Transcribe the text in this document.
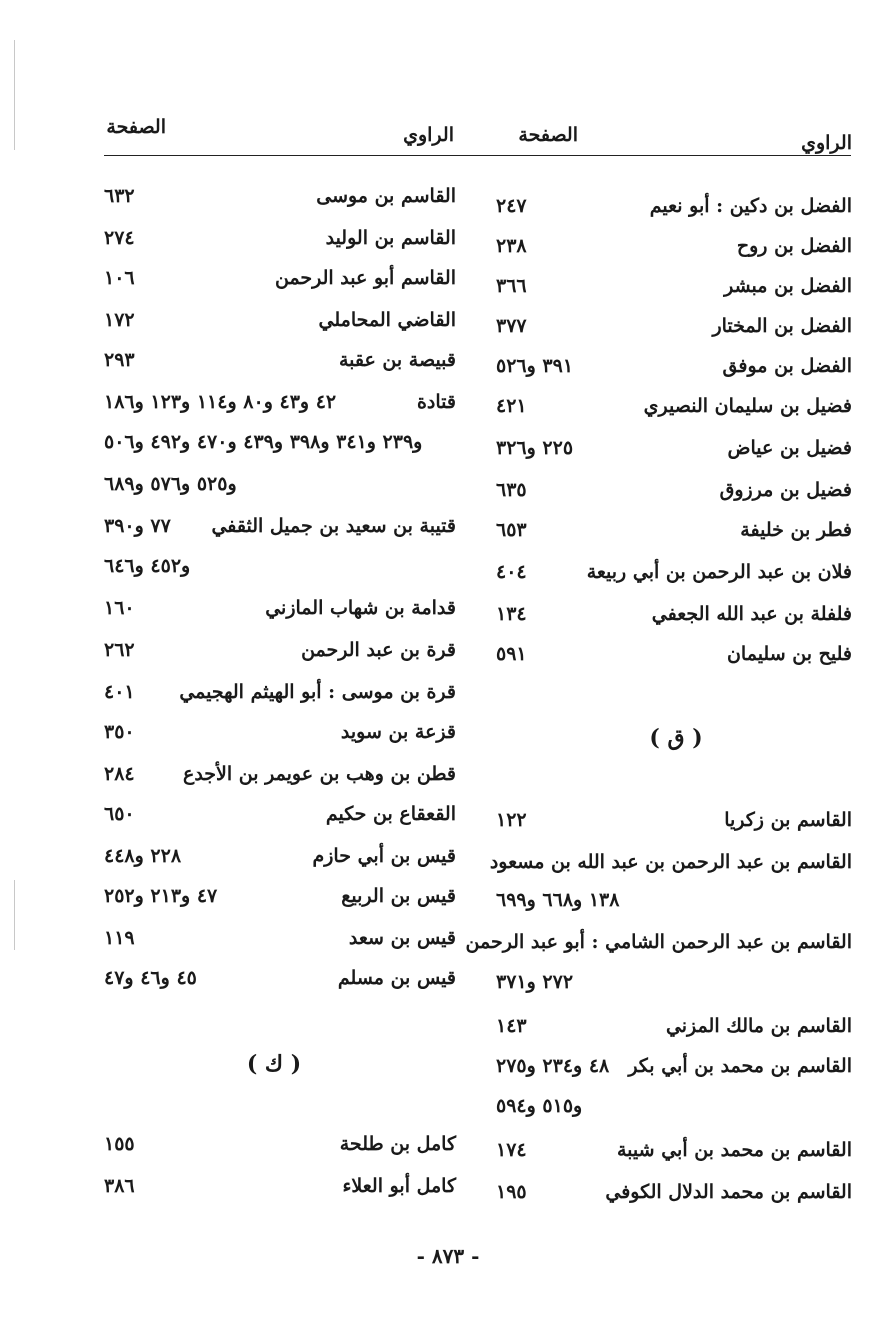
الراوي
الصفحة
الراوي
الصفحة
الفضل بن دكين : أبو نعيم
٢٤٧
الفضل بن روح
٢٣٨
الفضل بن مبشر
٣٦٦
الفضل بن المختار
٣٧٧
الفضل بن موفق
٣٩١ و٥٢٦
فضيل بن سليمان النصيري
٤٢١
فضيل بن عياض
٢٢٥ و٣٢٦
فضيل بن مرزوق
٦٣٥
فطر بن خليفة
٦٥٣
فلان بن عبد الرحمن بن أبي ربيعة
٤٠٤
فلفلة بن عبد الله الجعفي
١٣٤
فليح بن سليمان
٥٩١
( ق )
القاسم بن زكريا
١٢٢
القاسم بن عبد الرحمن بن عبد الله بن مسعود
١٣٨ و٦٦٨ و٦٩٩
القاسم بن عبد الرحمن الشامي : أبو عبد الرحمن
٢٧٢ و٣٧١
القاسم بن مالك المزني
١٤٣
القاسم بن محمد بن أبي بكر
٤٨ و٢٣٤ و٢٧٥
و٥١٥ و٥٩٤
القاسم بن محمد بن أبي شيبة
١٧٤
القاسم بن محمد الدلال الكوفي
١٩٥
القاسم بن موسى
٦٣٢
القاسم بن الوليد
٢٧٤
القاسم أبو عبد الرحمن
١٠٦
القاضي المحاملي
١٧٢
قبيصة بن عقبة
٢٩٣
قتادة
٤٢ و٤٣ و٨٠ و١١٤ و١٢٣ و١٨٦
و٢٣٩ و٣٤١ و٣٩٨ و٤٣٩ و٤٧٠ و٤٩٢ و٥٠٦
و٥٢٥ و٥٧٦ و٦٨٩
قتيبة بن سعيد بن جميل الثقفي
٧٧ و٣٩٠
و٤٥٢ و٦٤٦
قدامة بن شهاب المازني
١٦٠
قرة بن عبد الرحمن
٢٦٢
قرة بن موسى : أبو الهيثم الهجيمي
٤٠١
قزعة بن سويد
٣٥٠
قطن بن وهب بن عويمر بن الأجدع
٢٨٤
القعقاع بن حكيم
٦٥٠
قيس بن أبي حازم
٢٢٨ و٤٤٨
قيس بن الربيع
٤٧ و٢١٣ و٢٥٢
قيس بن سعد
١١٩
قيس بن مسلم
٤٥ و٤٦ و٤٧
( ك )
كامل بن طلحة
١٥٥
كامل أبو العلاء
٣٨٦
- ٨٧٣ -
